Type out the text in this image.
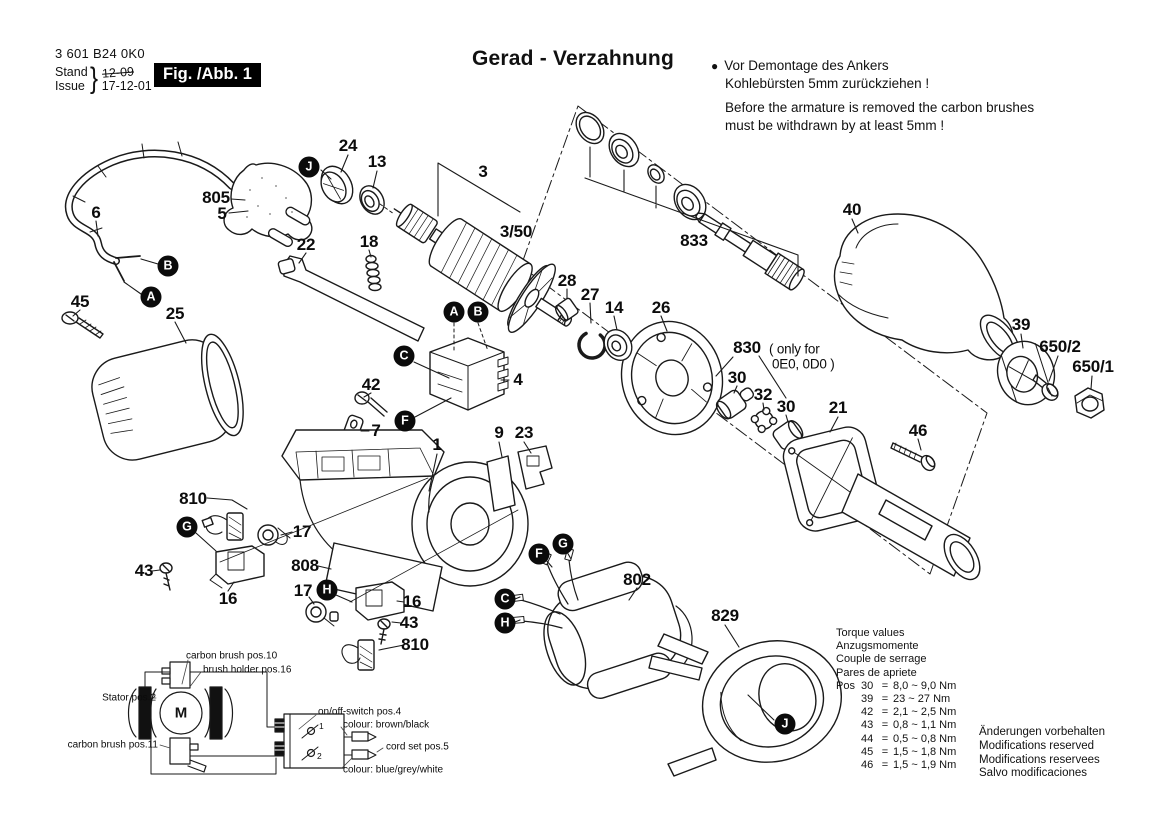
3 601 B24 0K0
Stand
Issue } 12-09
17-12-01
Fig. /Abb. 1
Gerad - Verzahnung	● Vor Demontage des Ankers
Kohlebürsten 5mm zurückziehen !
Before the armature is removed the carbon brushes
must be withdrawn by at least 5mm !
24
13
3
3/50	833
40
805
5
6
22	18
28
27
14 26
830 ( only for
0E0, 0D0 )
30
32
30 21
39
650/2
650/1
45
25
42
7
4
1
9 23	46
810
17
43
16
808
17
16
43
810
802
829
J
B
A
A	B
C
F
G
H
F
G
C
H
J
carbon brush pos.10
brush holder pos.16
Stator pos.2
carbon brush pos.11
on/off-switch pos.4
colour: brown/black
cord set pos.5
colour: blue/grey/white
1
2
M
Torque values
Anzugsmomente
Couple de serrage
Pares de apriete
Pos 30 = 8,0 ~ 9,0 Nm
39 = 23 ~ 27 Nm
42 = 2,1 ~ 2,5 Nm
43 = 0,8 ~ 1,1 Nm
44 = 0,5 ~ 0,8 Nm
45 = 1,5 ~ 1,8 Nm
46 = 1,5 ~ 1,9 Nm
Änderungen vorbehalten
Modifications reserved
Modifications reservees
Salvo modificaciones
